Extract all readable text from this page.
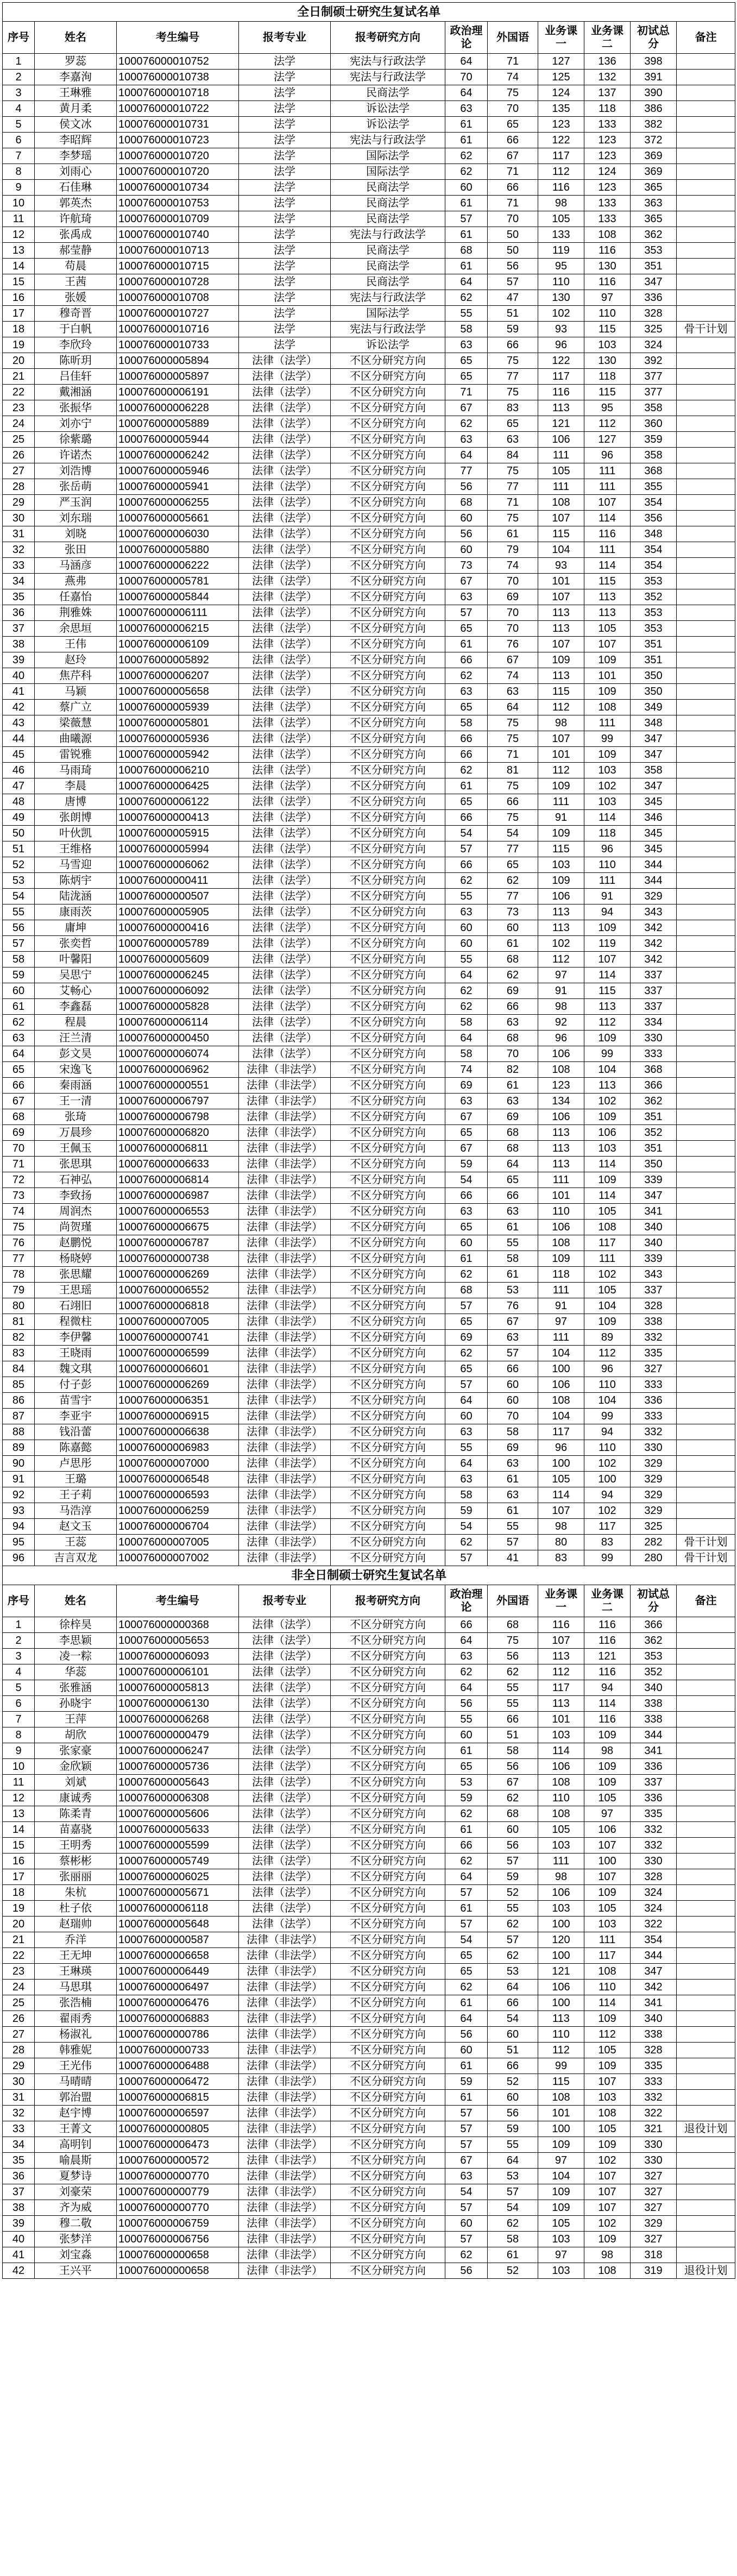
全日制硕士研究生复试名单										
序号	姓名	考生编号	报考专业	报考研究方向	政治理论	外国语	业务课一	业务课二	初试总分	备注
1	罗蕊	100076000010752	法学	宪法与行政法学	64	71	127	136	398	
2	李嘉洵	100076000010738	法学	宪法与行政法学	70	74	125	132	391	
3	王琳雅	100076000010718	法学	民商法学	64	75	124	137	390	
4	黄月柔	100076000010722	法学	诉讼法学	63	70	135	118	386	
5	侯文冰	100076000010731	法学	诉讼法学	61	65	123	133	382	
6	李昭辉	100076000010723	法学	宪法与行政法学	61	66	122	123	372	
7	李梦瑶	100076000010720	法学	国际法学	62	67	117	123	369	
8	刘雨心	100076000010720	法学	国际法学	62	71	112	124	369	
9	石佳琳	100076000010734	法学	民商法学	60	66	116	123	365	
10	郭英杰	100076000010753	法学	民商法学	61	71	98	133	363	
11	许航琦	100076000010709	法学	民商法学	57	70	105	133	365	
12	张禹成	100076000010740	法学	宪法与行政法学	61	50	133	108	362	
13	郝莹静	100076000010713	法学	民商法学	68	50	119	116	353	
14	苟晨	100076000010715	法学	民商法学	61	56	95	130	351	
15	王茜	100076000010728	法学	民商法学	64	57	110	116	347	
16	张媛	100076000010708	法学	宪法与行政法学	62	47	130	97	336	
17	穆奇晋	100076000010727	法学	国际法学	55	51	102	110	328	
18	于白帆	100076000010716	法学	宪法与行政法学	58	59	93	115	325	骨干计划
19	李欣玲	100076000010733	法学	诉讼法学	63	66	96	103	324	
20	陈昕玥	100076000005894	法律（法学）	不区分研究方向	65	75	122	130	392	
21	吕佳轩	100076000005897	法律（法学）	不区分研究方向	65	77	117	118	377	
22	戴湘涵	100076000006191	法律（法学）	不区分研究方向	71	75	116	115	377	
23	张振华	100076000006228	法律（法学）	不区分研究方向	67	83	113	95	358	
24	刘亦宁	100076000005889	法律（法学）	不区分研究方向	62	65	121	112	360	
25	徐紫璐	100076000005944	法律（法学）	不区分研究方向	63	63	106	127	359	
26	许诺杰	100076000006242	法律（法学）	不区分研究方向	64	84	111	96	358	
27	刘浩博	100076000005946	法律（法学）	不区分研究方向	77	75	105	111	368	
28	张岳萌	100076000005941	法律（法学）	不区分研究方向	56	77	111	111	355	
29	严玉润	100076000006255	法律（法学）	不区分研究方向	68	71	108	107	354	
30	刘东瑞	100076000005661	法律（法学）	不区分研究方向	60	75	107	114	356	
31	刘晓	100076000006030	法律（法学）	不区分研究方向	56	61	115	116	348	
32	张田	100076000005880	法律（法学）	不区分研究方向	60	79	104	111	354	
33	马涵彦	100076000006222	法律（法学）	不区分研究方向	73	74	93	114	354	
34	燕弗	100076000005781	法律（法学）	不区分研究方向	67	70	101	115	353	
35	任嘉怡	100076000005844	法律（法学）	不区分研究方向	63	69	107	113	352	
36	荆雅姝	100076000006111	法律（法学）	不区分研究方向	57	70	113	113	353	
37	余思垣	100076000006215	法律（法学）	不区分研究方向	65	70	113	105	353	
38	王伟	100076000006109	法律（法学）	不区分研究方向	61	76	107	107	351	
39	赵玲	100076000005892	法律（法学）	不区分研究方向	66	67	109	109	351	
40	焦芹科	100076000006207	法律（法学）	不区分研究方向	62	74	113	101	350	
41	马颖	100076000005658	法律（法学）	不区分研究方向	63	63	115	109	350	
42	蔡广立	100076000005939	法律（法学）	不区分研究方向	65	64	112	108	349	
43	梁薇慧	100076000005801	法律（法学）	不区分研究方向	58	75	98	111	348	
44	曲曦源	100076000005936	法律（法学）	不区分研究方向	66	75	107	99	347	
45	雷锐雅	100076000005942	法律（法学）	不区分研究方向	66	71	101	109	347	
46	马雨琦	100076000006210	法律（法学）	不区分研究方向	62	81	112	103	358	
47	李晨	100076000006425	法律（法学）	不区分研究方向	61	75	109	102	347	
48	唐博	100076000006122	法律（法学）	不区分研究方向	65	66	111	103	345	
49	张朗博	100076000000413	法律（法学）	不区分研究方向	66	75	91	114	346	
50	叶伙凯	100076000005915	法律（法学）	不区分研究方向	54	54	109	118	345	
51	王维格	100076000005994	法律（法学）	不区分研究方向	57	77	115	96	345	
52	马雪迎	100076000006062	法律（法学）	不区分研究方向	66	65	103	110	344	
53	陈炳宇	100076000000411	法律（法学）	不区分研究方向	62	62	109	111	344	
54	陆泷涵	100076000000507	法律（法学）	不区分研究方向	55	77	106	91	329	
55	康雨茨	100076000005905	法律（法学）	不区分研究方向	63	73	113	94	343	
56	庸坤	100076000000416	法律（法学）	不区分研究方向	60	60	113	109	342	
57	张奕哲	100076000005789	法律（法学）	不区分研究方向	60	61	102	119	342	
58	叶馨阳	100076000005609	法律（法学）	不区分研究方向	55	68	112	107	342	
59	吴思宁	100076000006245	法律（法学）	不区分研究方向	64	62	97	114	337	
60	艾畅心	100076000006092	法律（法学）	不区分研究方向	62	69	91	115	337	
61	李鑫磊	100076000005828	法律（法学）	不区分研究方向	62	66	98	113	337	
62	程晨	100076000006114	法律（法学）	不区分研究方向	58	63	92	112	334	
63	汪兰清	100076000000450	法律（法学）	不区分研究方向	64	68	96	109	330	
64	彭文昊	100076000006074	法律（法学）	不区分研究方向	58	70	106	99	333	
65	宋逸飞	100076000006962	法律（非法学）	不区分研究方向	74	82	108	104	368	
66	秦雨涵	100076000000551	法律（非法学）	不区分研究方向	69	61	123	113	366	
67	王一清	100076000006797	法律（非法学）	不区分研究方向	63	63	134	102	362	
68	张琦	100076000006798	法律（非法学）	不区分研究方向	67	69	106	109	351	
69	万晨珍	100076000006820	法律（非法学）	不区分研究方向	65	68	113	106	352	
70	王佩玉	100076000006811	法律（非法学）	不区分研究方向	67	68	113	103	351	
71	张思琪	100076000006633	法律（非法学）	不区分研究方向	59	64	113	114	350	
72	石神弘	100076000006814	法律（非法学）	不区分研究方向	54	65	111	109	339	
73	李致扬	100076000006987	法律（非法学）	不区分研究方向	66	66	101	114	347	
74	周润杰	100076000006553	法律（非法学）	不区分研究方向	63	63	110	105	341	
75	尚贺瑾	100076000006675	法律（非法学）	不区分研究方向	65	61	106	108	340	
76	赵鹏悦	100076000006787	法律（非法学）	不区分研究方向	60	55	108	117	340	
77	杨晓婷	100076000000738	法律（非法学）	不区分研究方向	61	58	109	111	339	
78	张思耀	100076000006269	法律（非法学）	不区分研究方向	62	61	118	102	343	
79	王思瑶	100076000006552	法律（非法学）	不区分研究方向	68	53	111	105	337	
80	石翊旧	100076000006818	法律（非法学）	不区分研究方向	57	76	91	104	328	
81	程微柱	100076000007005	法律（非法学）	不区分研究方向	65	67	97	109	338	
82	李伊馨	100076000000741	法律（非法学）	不区分研究方向	69	63	111	89	332	
83	王晓雨	100076000006599	法律（非法学）	不区分研究方向	62	57	104	112	335	
84	魏文琪	100076000006601	法律（非法学）	不区分研究方向	65	66	100	96	327	
85	付子彭	100076000006269	法律（非法学）	不区分研究方向	57	60	106	110	333	
86	苗雪宇	100076000006351	法律（非法学）	不区分研究方向	64	60	108	104	336	
87	李亚宇	100076000006915	法律（非法学）	不区分研究方向	60	70	104	99	333	
88	钱沿蕾	100076000006638	法律（非法学）	不区分研究方向	63	58	117	94	332	
89	陈嘉懿	100076000006983	法律（非法学）	不区分研究方向	55	69	96	110	330	
90	卢思彤	100076000007000	法律（非法学）	不区分研究方向	64	63	100	102	329	
91	王璐	100076000006548	法律（非法学）	不区分研究方向	63	61	105	100	329	
92	王子莉	100076000006593	法律（非法学）	不区分研究方向	58	63	114	94	329	
93	马浩淳	100076000006259	法律（非法学）	不区分研究方向	59	61	107	102	329	
94	赵文玉	100076000006704	法律（非法学）	不区分研究方向	54	55	98	117	325	
95	王蕊	100076000007005	法律（非法学）	不区分研究方向	62	57	80	83	282	骨干计划
96	吉言双龙	100076000007002	法律（非法学）	不区分研究方向	57	41	83	99	280	骨干计划
非全日制硕士研究生复试名单										
序号	姓名	考生编号	报考专业	报考研究方向	政治理论	外国语	业务课一	业务课二	初试总分	备注
1	徐梓昊	100076000000368	法律（法学）	不区分研究方向	66	68	116	116	366	
2	李思颖	100076000005653	法律（法学）	不区分研究方向	64	75	107	116	362	
3	凌一粽	100076000006093	法律（法学）	不区分研究方向	63	56	113	121	353	
4	华蕊	100076000006101	法律（法学）	不区分研究方向	62	62	112	116	352	
5	张雅涵	100076000005813	法律（法学）	不区分研究方向	64	55	117	94	340	
6	孙晓宇	100076000006130	法律（法学）	不区分研究方向	56	55	113	114	338	
7	王萍	100076000006268	法律（法学）	不区分研究方向	55	66	101	116	338	
8	胡欣	100076000000479	法律（法学）	不区分研究方向	60	51	103	109	344	
9	张家豪	100076000006247	法律（法学）	不区分研究方向	61	58	114	98	341	
10	金欣颖	100076000005736	法律（法学）	不区分研究方向	65	56	106	109	336	
11	刘斌	100076000005643	法律（法学）	不区分研究方向	53	67	108	109	337	
12	康诚秀	100076000006308	法律（法学）	不区分研究方向	59	62	110	105	336	
13	陈柔青	100076000005606	法律（法学）	不区分研究方向	62	68	108	97	335	
14	苗嘉骁	100076000005633	法律（法学）	不区分研究方向	61	60	105	106	332	
15	王明秀	100076000005599	法律（法学）	不区分研究方向	66	56	103	107	332	
16	蔡彬彬	100076000005749	法律（法学）	不区分研究方向	62	57	111	100	330	
17	张丽丽	100076000006025	法律（法学）	不区分研究方向	64	59	98	107	328	
18	朱杭	100076000005671	法律（法学）	不区分研究方向	57	52	106	109	324	
19	杜子依	100076000006118	法律（法学）	不区分研究方向	61	55	103	105	324	
20	赵瑞帅	100076000005648	法律（法学）	不区分研究方向	57	62	100	103	322	
21	乔洋	100076000000587	法律（非法学）	不区分研究方向	54	57	120	111	354	
22	王无坤	100076000006658	法律（非法学）	不区分研究方向	65	62	100	117	344	
23	王琳瑛	100076000006449	法律（非法学）	不区分研究方向	65	53	121	108	347	
24	马思琪	100076000006497	法律（非法学）	不区分研究方向	62	64	106	110	342	
25	张浩楠	100076000006476	法律（非法学）	不区分研究方向	61	66	100	114	341	
26	翟雨秀	100076000006883	法律（非法学）	不区分研究方向	64	54	113	109	340	
27	杨淑礼	100076000000786	法律（非法学）	不区分研究方向	56	60	110	112	338	
28	韩雅妮	100076000000733	法律（非法学）	不区分研究方向	60	51	112	105	328	
29	王光伟	100076000006488	法律（非法学）	不区分研究方向	61	66	99	109	335	
30	马晴晴	100076000006472	法律（非法学）	不区分研究方向	59	52	115	107	333	
31	郭治盟	100076000006815	法律（非法学）	不区分研究方向	61	60	108	103	332	
32	赵宇博	100076000006597	法律（非法学）	不区分研究方向	57	56	101	108	322	
33	王菁文	100076000000805	法律（非法学）	不区分研究方向	57	59	100	105	321	退役计划
34	高明钊	100076000006473	法律（非法学）	不区分研究方向	57	55	109	109	330	
35	喻晨斯	100076000000572	法律（非法学）	不区分研究方向	67	64	97	102	330	
36	夏梦诗	100076000000770	法律（非法学）	不区分研究方向	63	53	104	107	327	
37	刘豪荣	100076000000779	法律（非法学）	不区分研究方向	54	57	109	107	327	
38	齐为威	100076000000770	法律（非法学）	不区分研究方向	57	54	109	107	327	
39	穆二敬	100076000006759	法律（非法学）	不区分研究方向	60	62	105	102	329	
40	张梦洋	100076000006756	法律（非法学）	不区分研究方向	57	58	103	109	327	
41	刘宝淼	100076000000658	法律（非法学）	不区分研究方向	62	61	97	98	318	
42	王兴平	100076000000658	法律（非法学）	不区分研究方向	56	52	103	108	319	退役计划
